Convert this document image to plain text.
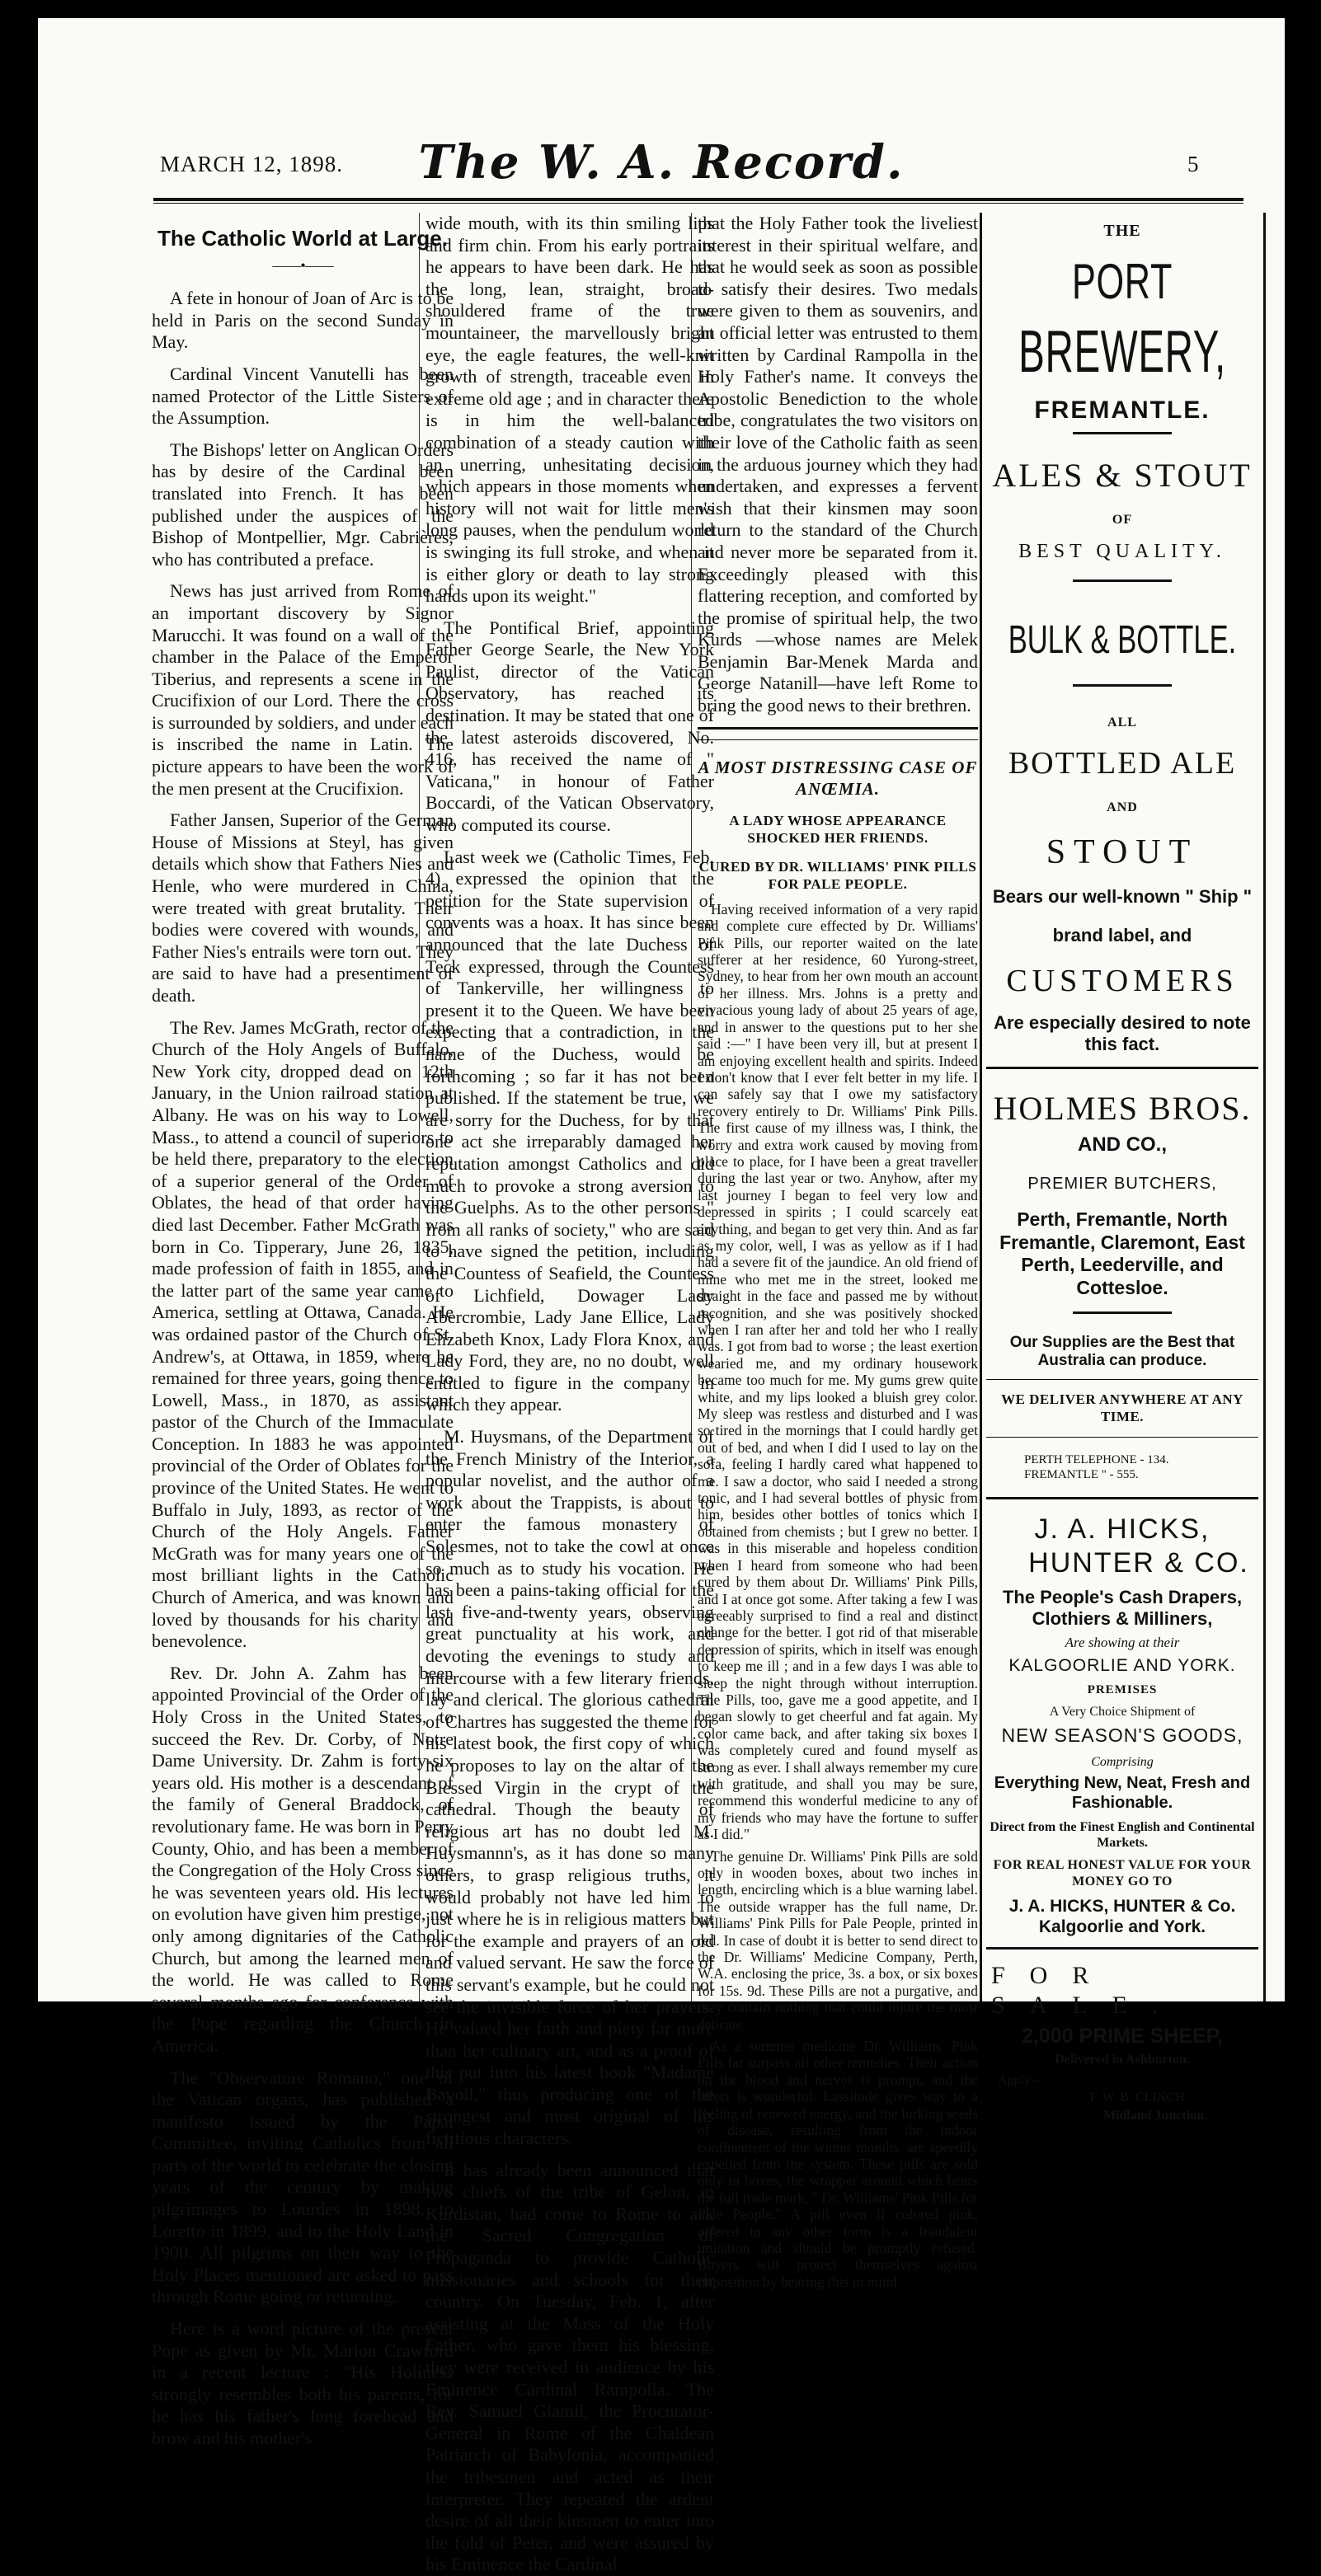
MARCH 12, 1898.	The W. A. Record.	5
The Catholic World at Large.
——•——

A fete in honour of Joan of Arc is to be held in Paris on the second Sunday in May.

Cardinal Vincent Vanutelli has been named Protector of the Little Sisters of the Assumption.

The Bishops' letter on Anglican Orders has by desire of the Cardinal been translated into French. It has been published under the auspices of the Bishop of Montpellier, Mgr. Cabrières, who has contributed a preface.

News has just arrived from Rome of an important discovery by Signor Marucchi. It was found on a wall of the chamber in the Palace of the Emperor Tiberius, and represents a scene in the Crucifixion of our Lord. There the cross is surrounded by soldiers, and under each is inscribed the name in Latin. The picture appears to have been the work of the men present at the Crucifixion.

Father Jansen, Superior of the German House of Missions at Steyl, has given details which show that Fathers Nies and Henle, who were murdered in China, were treated with great brutality. Their bodies were covered with wounds, and Father Nies's entrails were torn out. They are said to have had a presentiment of death.

The Rev. James McGrath, rector of the Church of the Holy Angels of Buffalo, New York city, dropped dead on 12th January, in the Union railroad station at Albany. He was on his way to Lowell, Mass., to attend a council of superiors to be held there, preparatory to the election of a superior general of the Order of Oblates, the head of that order having died last December. Father McGrath was born in Co. Tipperary, June 26, 1835, made profession of faith in 1855, and in the latter part of the same year came to America, settling at Ottawa, Canada. He was ordained pastor of the Church of St. Andrew's, at Ottawa, in 1859, where he remained for three years, going thence to Lowell, Mass., in 1870, as assistant pastor of the Church of the Immaculate Conception. In 1883 he was appointed provincial of the Order of Oblates for the province of the United States. He went to Buffalo in July, 1893, as rector of the Church of the Holy Angels. Father McGrath was for many years one of the most brilliant lights in the Catholic Church of America, and was known and loved by thousands for his charity and benevolence.

Rev. Dr. John A. Zahm has been appointed Provincial of the Order of the Holy Cross in the United States, to succeed the Rev. Dr. Corby, of Notre Dame University. Dr. Zahm is forty-six years old. His mother is a descendant of the family of General Braddock, of revolutionary fame. He was born in Perry County, Ohio, and has been a member of the Congregation of the Holy Cross since he was seventeen years old. His lectures on evolution have given him prestige, not only among dignitaries of the Catholic Church, but among the learned men of the world. He was called to Rome several months ago for conference with the Pope regarding the Church in America.

The "Observatore Romano," one of the Vatican organs, has published a manifesto issued by the Papal Committee, inviting Catholics from all parts of the world to celebrate the closing years of the century by making pilgrimages to Lourdes in 1898, to Loretto in 1899, and to the Holy Land in 1900. All pilgrims on their way to the Holy Places mentioned are asked to pass through Rome going or returning.

Here is a word picture of the present Pope as given by Mr. Marion Crawford in a recent lecture : "His Holiness strongly resembles both his parents, for he has his father's long forehead and brow and his mother's

wide mouth, with its thin smiling lips and firm chin. From his early portraits he appears to have been dark. He has the long, lean, straight, broad-shouldered frame of the true mountaineer, the marvellously bright eye, the eagle features, the well-knit growth of strength, traceable even in extreme old age ; and in character there is in him the well-balanced combination of a steady caution with an unerring, unhesitating decision, which appears in those moments when history will not wait for little men's long pauses, when the pendulum world is swinging its full stroke, and when it is either glory or death to lay strong hands upon its weight."

The Pontifical Brief, appointing Father George Searle, the New York Paulist, director of the Vatican Observatory, has reached its destination. It may be stated that one of the latest asteroids discovered, No. 416, has received the name of " Vaticana," in honour of Father Boccardi, of the Vatican Observatory, who computed its course.

Last week we (Catholic Times, Feb. 4) expressed the opinion that the petition for the State supervision of convents was a hoax. It has since been announced that the late Duchess of Teck expressed, through the Countess of Tankerville, her willingness to present it to the Queen. We have been expecting that a contradiction, in the name of the Duchess, would be forthcoming ; so far it has not been published. If the statement be true, we are sorry for the Duchess, for by that one act she irreparably damaged her reputation amongst Catholics and did much to provoke a strong aversion to the Guelphs. As to the other persons " from all ranks of society," who are said to have signed the petition, including the Countess of Seafield, the Countess of Lichfield, Dowager Lady Abercrombie, Lady Jane Ellice, Lady Elizabeth Knox, Lady Flora Knox, and Lady Ford, they are, no no doubt, well entitled to figure in the company in which they appear.

M. Huysmans, of the Department of the French Ministry of the Interior, a popular novelist, and the author of a work about the Trappists, is about to enter the famous monastery of Solesmes, not to take the cowl at once so much as to study his vocation. He has been a pains-taking official for the last five-and-twenty years, observing great punctuality at his work, and devoting the evenings to study and intercourse with a few literary friends, lay and clerical. The glorious cathedral of Chartres has suggested the theme for his latest book, the first copy of which he proposes to lay on the altar of the Blessed Virgin in the crypt of the cathedral. Though the beauty of religious art has no doubt led M. Huysmannn's, as it has done so many others, to grasp religious truths, it would probably not have led him to just where he is in religious matters but for the example and prayers of an old and valued servant. He saw the force of this servant's example, but he could not see the invisible force of her prayers. He valued her faith and piety far more than her culinary art, and as a proof of this put into his latest book "Madame Bavoil," thus producing one of the strongest and most original of his fictitious characters.

It has already been announced that two chiefs of the tribe of Gelon, in Kurdistan, had come to Rome to ask the Sacred Congregation of Propaganda to provide Catholic missionaries and schools for their country. On Tuesday, Feb. 1, after assisting at the Mass of the Holy Father, who gave them his blessing, they were received in audience by his Eminence Cardinal Rampolla. The Rev. Samuel Giamil, the Procurator-General in Rome of the Chaldean Patriarch of Babylonia, accompanied the tribesmen and acted as their interpreter. They repeated the ardent desire of all their kinsmen to enter into the fold of Peter, and were assured by his Eminence the Cardinal

that the Holy Father took the liveliest interest in their spiritual welfare, and that he would seek as soon as possible to satisfy their desires. Two medals were given to them as souvenirs, and an official letter was entrusted to them written by Cardinal Rampolla in the Holy Father's name. It conveys the Apostolic Benediction to the whole tribe, congratulates the two visitors on their love of the Catholic faith as seen in the arduous journey which they had undertaken, and expresses a fervent wish that their kinsmen may soon return to the standard of the Church and never more be separated from it. Exceedingly pleased with this flattering reception, and comforted by the promise of spiritual help, the two Kurds —whose names are Melek Benjamin Bar-Menek Marda and George Natanill—have left Rome to bring the good news to their brethren.

A MOST DISTRESSING CASE OF ANŒMIA.
A LADY WHOSE APPEARANCE SHOCKED HER FRIENDS.
CURED BY DR. WILLIAMS' PINK PILLS FOR PALE PEOPLE.

Having received information of a very rapid and complete cure effected by Dr. Williams' Pink Pills, our reporter waited on the late sufferer at her residence, 60 Yurong-street, Sydney, to hear from her own mouth an account of her illness. Mrs. Johns is a pretty and vivacious young lady of about 25 years of age, and in answer to the questions put to her she said :—" I have been very ill, but at present I am enjoying excellent health and spirits. Indeed I don't know that I ever felt better in my life. I can safely say that I owe my satisfactory recovery entirely to Dr. Williams' Pink Pills. The first cause of my illness was, I think, the worry and extra work caused by moving from place to place, for I have been a great traveller during the last year or two. Anyhow, after my last journey I began to feel very low and depressed in spirits ; I could scarcely eat anything, and began to get very thin. And as far as my color, well, I was as yellow as if I had had a severe fit of the jaundice. An old friend of mine who met me in the street, looked me straight in the face and passed me by without recognition, and she was positively shocked when I ran after her and told her who I really was. I got from bad to worse ; the least exertion wearied me, and my ordinary housework became too much for me. My gums grew quite white, and my lips looked a bluish grey color. My sleep was restless and disturbed and I was so tired in the mornings that I could hardly get out of bed, and when I did I used to lay on the sofa, feeling I hardly cared what happened to me. I saw a doctor, who said I needed a strong tonic, and I had several bottles of physic from him, besides other bottles of tonics which I obtained from chemists ; but I grew no better. I was in this miserable and hopeless condition when I heard from someone who had been cured by them about Dr. Williams' Pink Pills, and I at once got some. After taking a few I was agreeably surprised to find a real and distinct change for the better. I got rid of that miserable depression of spirits, which in itself was enough to keep me ill ; and in a few days I was able to sleep the night through without interruption. The Pills, too, gave me a good appetite, and I began slowly to get cheerful and fat again. My color came back, and after taking six boxes I was completely cured and found myself as strong as ever. I shall always remember my cure with gratitude, and shall you may be sure, recommend this wonderful medicine to any of my friends who may have the fortune to suffer as I did."

The genuine Dr. Williams' Pink Pills are sold only in wooden boxes, about two inches in length, encircling which is a blue warning label. The outside wrapper has the full name, Dr. Williams' Pink Pills for Pale People, printed in red. In case of doubt it is better to send direct to the Dr. Williams' Medicine Company, Perth, W.A. enclosing the price, 3s. a box, or six boxes for 15s. 9d. These Pills are not a purgative, and they contain nothing that could injure the most delicate.

As a summer medicine Dr. Williams' Pink Pills far surpass all other remedies. Their action on the blood and nerves is prompt, and the effect is wonderful. Lassitude gives way to a feeling of renewed energy, and the lurking seeds of disease, resulting from the indoor confinement of the winter months, are speedily expelled from the system. These pills are sold only in boxes, the wrapper around which bears the full trade mark, " Dr. Williams' Pink Pills for Pale People." A pill even if colored pink, offered in any other form is a fraudulent imitation and should be promptly refused. Buyers will protect themselves against imposition by bearing this in mind.

THE
PORT
BREWERY,
FREMANTLE.
ALES & STOUT
OF
BEST QUALITY.
BULK & BOTTLE.
ALL
BOTTLED ALE
AND
STOUT
Bears our well-known " Ship "
brand label, and
CUSTOMERS
Are especially desired to note this fact.
HOLMES BROS.
AND CO.,
PREMIER BUTCHERS,
Perth, Fremantle, North Fremantle, Claremont, East Perth, Leederville, and Cottesloe.
Our Supplies are the Best that Australia can produce.
WE DELIVER ANYWHERE AT ANY TIME.
PERTH TELEPHONE - 134.
FREMANTLE " - 555.
J. A. HICKS,
HUNTER & CO.
The People's Cash Drapers, Clothiers & Milliners,
Are showing at their
KALGOORLIE AND YORK.
PREMISES
A Very Choice Shipment of
NEW SEASON'S GOODS,
Comprising
Everything New, Neat, Fresh and Fashionable.
Direct from the Finest English and Continental Markets.
FOR REAL HONEST VALUE FOR YOUR MONEY GO TO
J. A. HICKS, HUNTER & Co. Kalgoorlie and York.
FOR SALE.
2,000 PRIME SHEEP,
Delivered in Ashburton.
Apply—
F. W. B. CLINCH,
Midland Junction.
